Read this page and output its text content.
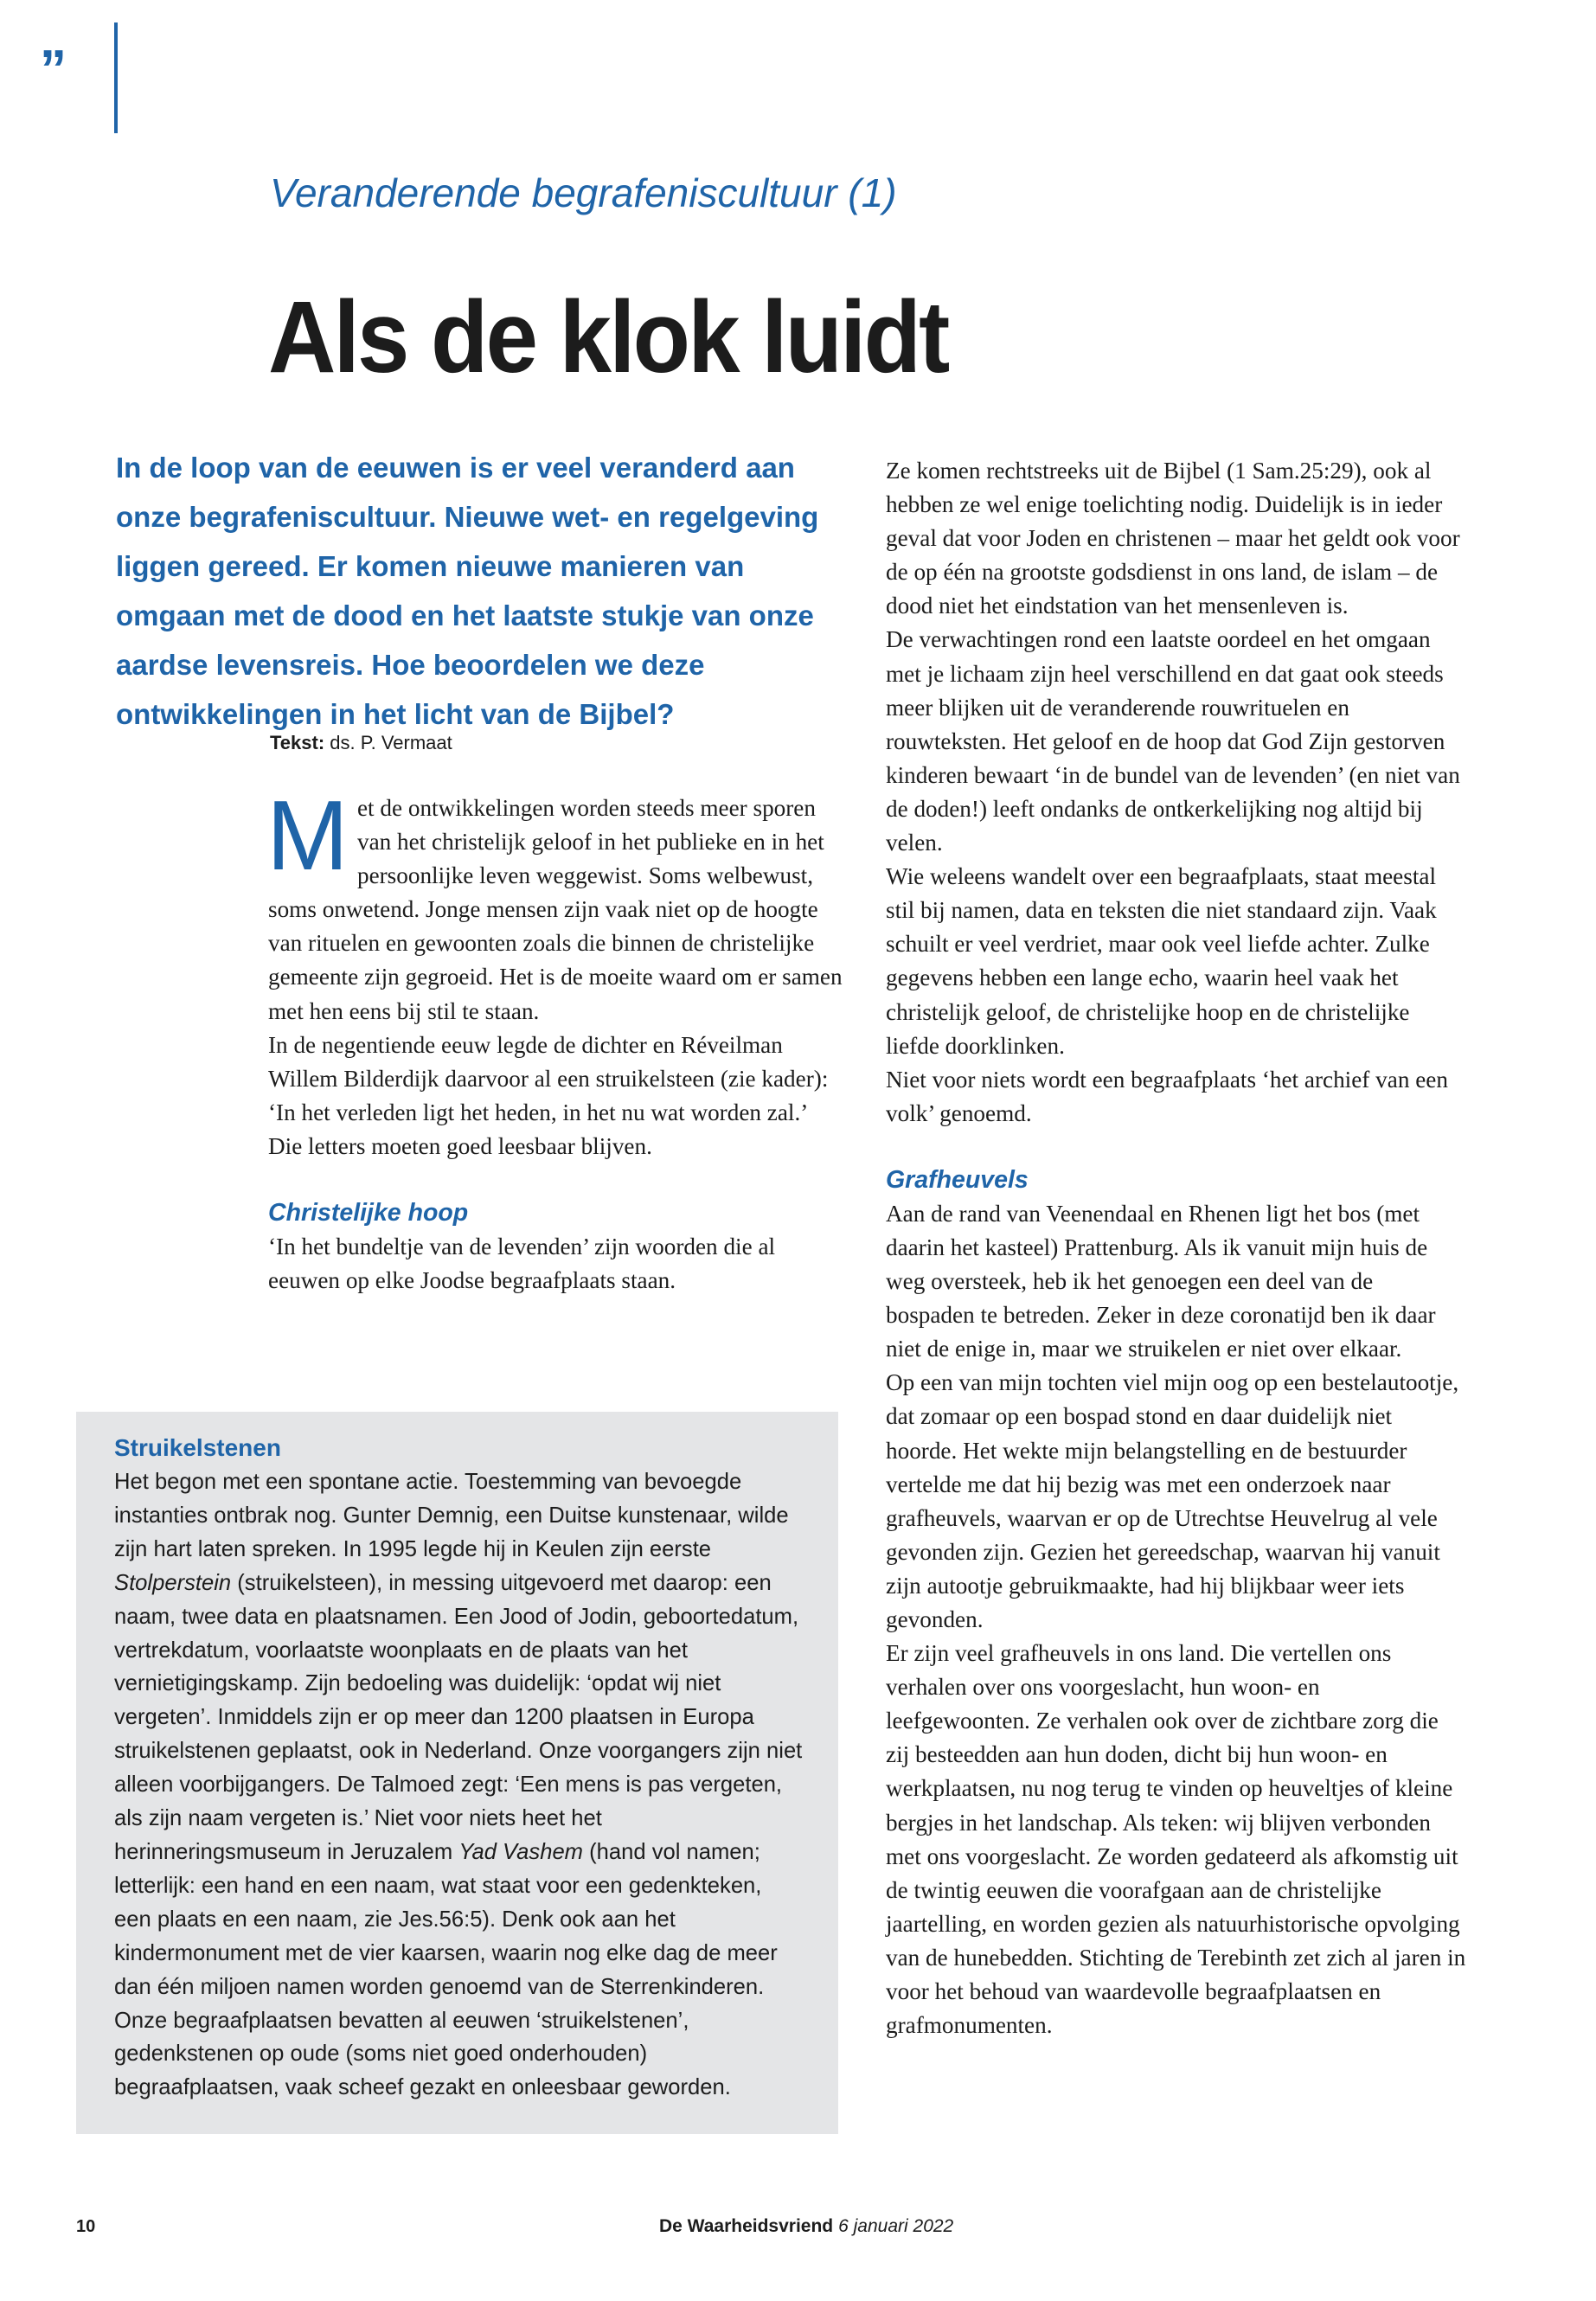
”
Veranderende begrafeniscultuur (1)
Als de klok luidt
In de loop van de eeuwen is er veel veranderd aan onze begrafeniscultuur. Nieuwe wet- en regelgeving liggen gereed. Er komen nieuwe manieren van omgaan met de dood en het laatste stukje van onze aardse levensreis. Hoe beoordelen we deze ontwikkelingen in het licht van de Bijbel?
Tekst: ds. P. Vermaat

Met de ontwikkelingen worden steeds meer sporen van het christelijk geloof in het publieke en in het persoonlijke leven weggewist. Soms welbewust, soms onwetend. Jonge mensen zijn vaak niet op de hoogte van rituelen en gewoonten zoals die binnen de christelijke gemeente zijn gegroeid. Het is de moeite waard om er samen met hen eens bij stil te staan.

In de negentiende eeuw legde de dichter en Réveilman Willem Bilderdijk daarvoor al een struikelsteen (zie kader): ‘In het verleden ligt het heden, in het nu wat worden zal.’ Die letters moeten goed leesbaar blijven.

Christelijke hoop

‘In het bundeltje van de levenden’ zijn woorden die al eeuwen op elke Joodse begraafplaats staan.

Ze komen rechtstreeks uit de Bijbel (1 Sam.25:29), ook al hebben ze wel enige toelichting nodig. Duidelijk is in ieder geval dat voor Joden en christenen – maar het geldt ook voor de op één na grootste godsdienst in ons land, de islam – de dood niet het eindstation van het mensenleven is.

De verwachtingen rond een laatste oordeel en het omgaan met je lichaam zijn heel verschillend en dat gaat ook steeds meer blijken uit de veranderende rouwrituelen en rouwteksten. Het geloof en de hoop dat God Zijn gestorven kinderen bewaart ‘in de bundel van de levenden’ (en niet van de doden!) leeft ondanks de ontkerkelijking nog altijd bij velen.

Wie weleens wandelt over een begraafplaats, staat meestal stil bij namen, data en teksten die niet standaard zijn. Vaak schuilt er veel verdriet, maar ook veel liefde achter. Zulke gegevens hebben een lange echo, waarin heel vaak het christelijk geloof, de christelijke hoop en de christelijke liefde doorklinken.

Niet voor niets wordt een begraafplaats ‘het archief van een volk’ genoemd.

Grafheuvels

Aan de rand van Veenendaal en Rhenen ligt het bos (met daarin het kasteel) Prattenburg. Als ik vanuit mijn huis de weg oversteek, heb ik het genoegen een deel van de bospaden te betreden. Zeker in deze coronatijd ben ik daar niet de enige in, maar we struikelen er niet over elkaar.

Op een van mijn tochten viel mijn oog op een bestelautootje, dat zomaar op een bospad stond en daar duidelijk niet hoorde. Het wekte mijn belangstelling en de bestuurder vertelde me dat hij bezig was met een onderzoek naar grafheuvels, waarvan er op de Utrechtse Heuvelrug al vele gevonden zijn. Gezien het gereedschap, waarvan hij vanuit zijn autootje gebruikmaakte, had hij blijkbaar weer iets gevonden.

Er zijn veel grafheuvels in ons land. Die vertellen ons verhalen over ons voorgeslacht, hun woon- en leefgewoonten. Ze verhalen ook over de zichtbare zorg die zij besteedden aan hun doden, dicht bij hun woon- en werkplaatsen, nu nog terug te vinden op heuveltjes of kleine bergjes in het landschap. Als teken: wij blijven verbonden met ons voorgeslacht. Ze worden gedateerd als afkomstig uit de twintig eeuwen die voorafgaan aan de christelijke jaartelling, en worden gezien als natuurhistorische opvolging van de hunebedden. Stichting de Terebinth zet zich al jaren in voor het behoud van waardevolle begraafplaatsen en grafmonumenten.

Struikelstenen

Het begon met een spontane actie. Toestemming van bevoegde instanties ontbrak nog. Gunter Demnig, een Duitse kunstenaar, wilde zijn hart laten spreken. In 1995 legde hij in Keulen zijn eerste Stolperstein (struikelsteen), in messing uitgevoerd met daarop: een naam, twee data en plaatsnamen. Een Jood of Jodin, geboortedatum, vertrekdatum, voorlaatste woonplaats en de plaats van het vernietigingskamp. Zijn bedoeling was duidelijk: ‘opdat wij niet vergeten’. Inmiddels zijn er op meer dan 1200 plaatsen in Europa struikelstenen geplaatst, ook in Nederland. Onze voorgangers zijn niet alleen voorbijgangers. De Talmoed zegt: ‘Een mens is pas vergeten, als zijn naam vergeten is.’ Niet voor niets heet het herinneringsmuseum in Jeruzalem Yad Vashem (hand vol namen; letterlijk: een hand en een naam, wat staat voor een gedenkteken, een plaats en een naam, zie Jes.56:5). Denk ook aan het kindermonument met de vier kaarsen, waarin nog elke dag de meer dan één miljoen namen worden genoemd van de Sterrenkinderen.

Onze begraafplaatsen bevatten al eeuwen ‘struikelstenen’, gedenkstenen op oude (soms niet goed onderhouden) begraafplaatsen, vaak scheef gezakt en onleesbaar geworden.

10	De Waarheidsvriend 6 januari 2022
